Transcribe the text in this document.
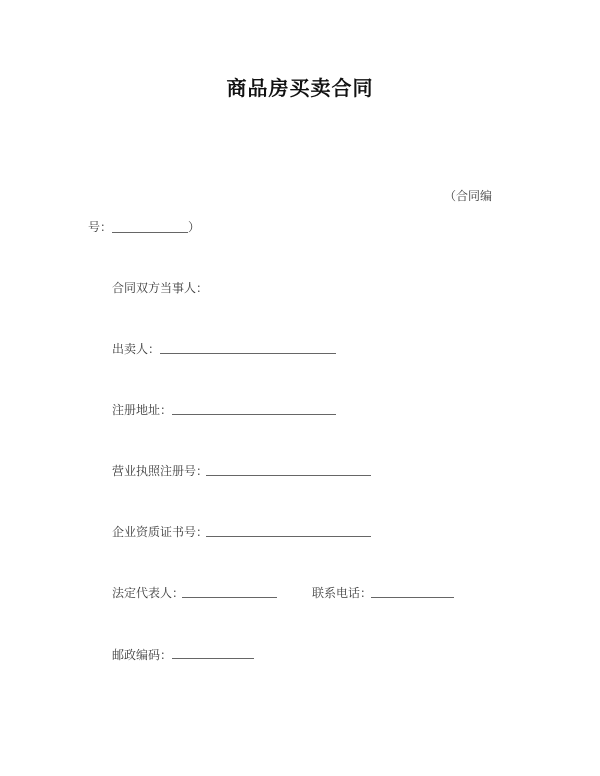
商品房买卖合同
（合同编
号：	）
合同双方当事人：
出卖人：
注册地址：
营业执照注册号：
企业资质证书号：
法定代表人：	联系电话：
邮政编码：
